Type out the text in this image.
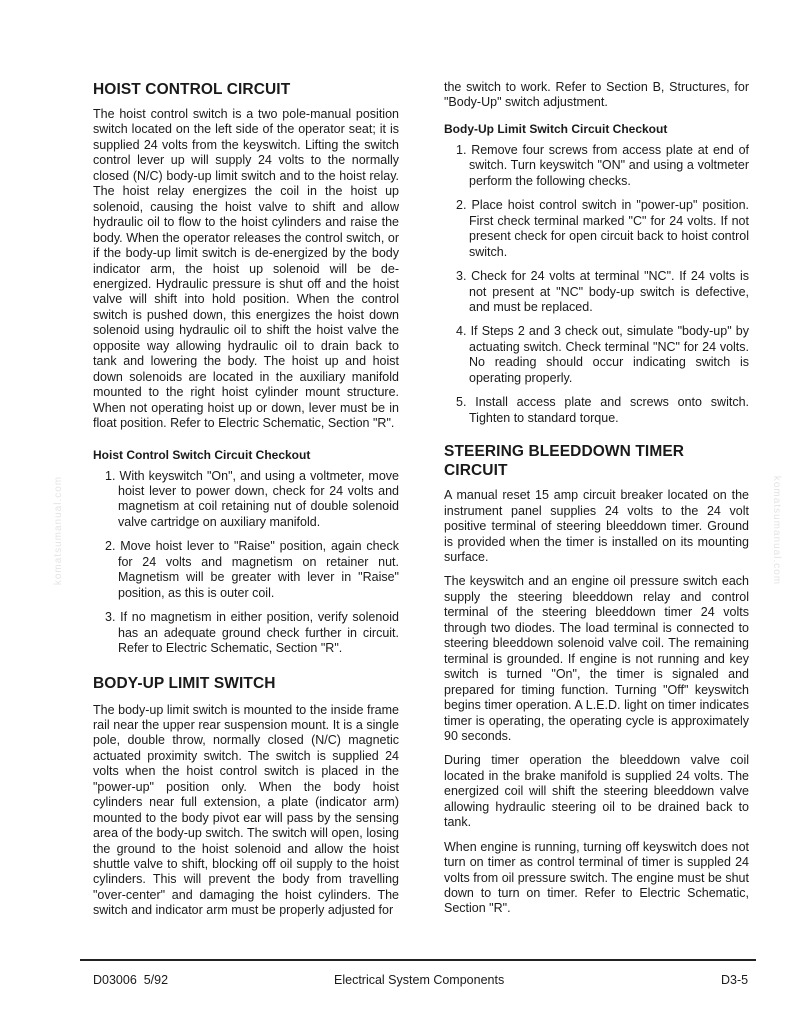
komatsumanual.com	komatsumanual.com
HOIST CONTROL CIRCUIT

The hoist control switch is a two pole-manual position switch located on the left side of the operator seat; it is supplied 24 volts from the keyswitch. Lifting the switch control lever up will supply 24 volts to the normally closed (N/C) body-up limit switch and to the hoist relay. The hoist relay energizes the coil in the hoist up solenoid, causing the hoist valve to shift and allow hydraulic oil to flow to the hoist cylinders and raise the body. When the operator releases the control switch, or if the body-up limit switch is de-energized by the body indicator arm, the hoist up solenoid will be de-energized. Hydraulic pressure is shut off and the hoist valve will shift into hold position. When the control switch is pushed down, this energizes the hoist down solenoid using hydraulic oil to shift the hoist valve the opposite way allowing hydraulic oil to drain back to tank and lowering the body. The hoist up and hoist down solenoids are located in the auxiliary manifold mounted to the right hoist cylinder mount structure. When not operating hoist up or down, lever must be in float position. Refer to Electric Schematic, Section "R".

Hoist Control Switch Circuit Checkout
1. With keyswitch "On", and using a voltmeter, move hoist lever to power down, check for 24 volts and magnetism at coil retaining nut of double solenoid valve cartridge on auxiliary manifold.
2. Move hoist lever to "Raise" position, again check for 24 volts and magnetism on retainer nut. Magnetism will be greater with lever in "Raise" position, as this is outer coil.
3. If no magnetism in either position, verify solenoid has an adequate ground check further in circuit. Refer to Electric Schematic, Section "R".
BODY-UP LIMIT SWITCH

The body-up limit switch is mounted to the inside frame rail near the upper rear suspension mount. It is a single pole, double throw, normally closed (N/C) magnetic actuated proximity switch. The switch is supplied 24 volts when the hoist control switch is placed in the "power-up" position only. When the body hoist cylinders near full extension, a plate (indicator arm) mounted to the body pivot ear will pass by the sensing area of the body-up switch. The switch will open, losing the ground to the hoist solenoid and allow the hoist shuttle valve to shift, blocking off oil supply to the hoist cylinders. This will prevent the body from travelling "over-center" and damaging the hoist cylinders. The switch and indicator arm must be properly adjusted for

the switch to work. Refer to Section B, Structures, for "Body-Up" switch adjustment.

Body-Up Limit Switch Circuit Checkout
1. Remove four screws from access plate at end of switch. Turn keyswitch "ON" and using a voltmeter perform the following checks.
2. Place hoist control switch in "power-up" position. First check terminal marked "C" for 24 volts. If not present check for open circuit back to hoist control switch.
3. Check for 24 volts at terminal "NC". If 24 volts is not present at "NC" body-up switch is defective, and must be replaced.
4. If Steps 2 and 3 check out, simulate "body-up" by actuating switch. Check terminal "NC" for 24 volts. No reading should occur indicating switch is operating properly.
5. Install access plate and screws onto switch. Tighten to standard torque.
STEERING BLEEDDOWN TIMER CIRCUIT

A manual reset 15 amp circuit breaker located on the instrument panel supplies 24 volts to the 24 volt positive terminal of steering bleeddown timer. Ground is provided when the timer is installed on its mounting surface.

The keyswitch and an engine oil pressure switch each supply the steering bleeddown relay and control terminal of the steering bleeddown timer 24 volts through two diodes. The load terminal is connected to steering bleeddown solenoid valve coil. The remaining terminal is grounded. If engine is not running and key switch is turned "On", the timer is signaled and prepared for timing function. Turning "Off" keyswitch begins timer operation. A L.E.D. light on timer indicates timer is operating, the operating cycle is approximately 90 seconds.

During timer operation the bleeddown valve coil located in the brake manifold is supplied 24 volts. The energized coil will shift the steering bleeddown valve allowing hydraulic steering oil to be drained back to tank.

When engine is running, turning off keyswitch does not turn on timer as control terminal of timer is suppled 24 volts from oil pressure switch. The engine must be shut down to turn on timer. Refer to Electric Schematic, Section "R".

D03006  5/92	Electrical System Components	D3-5
